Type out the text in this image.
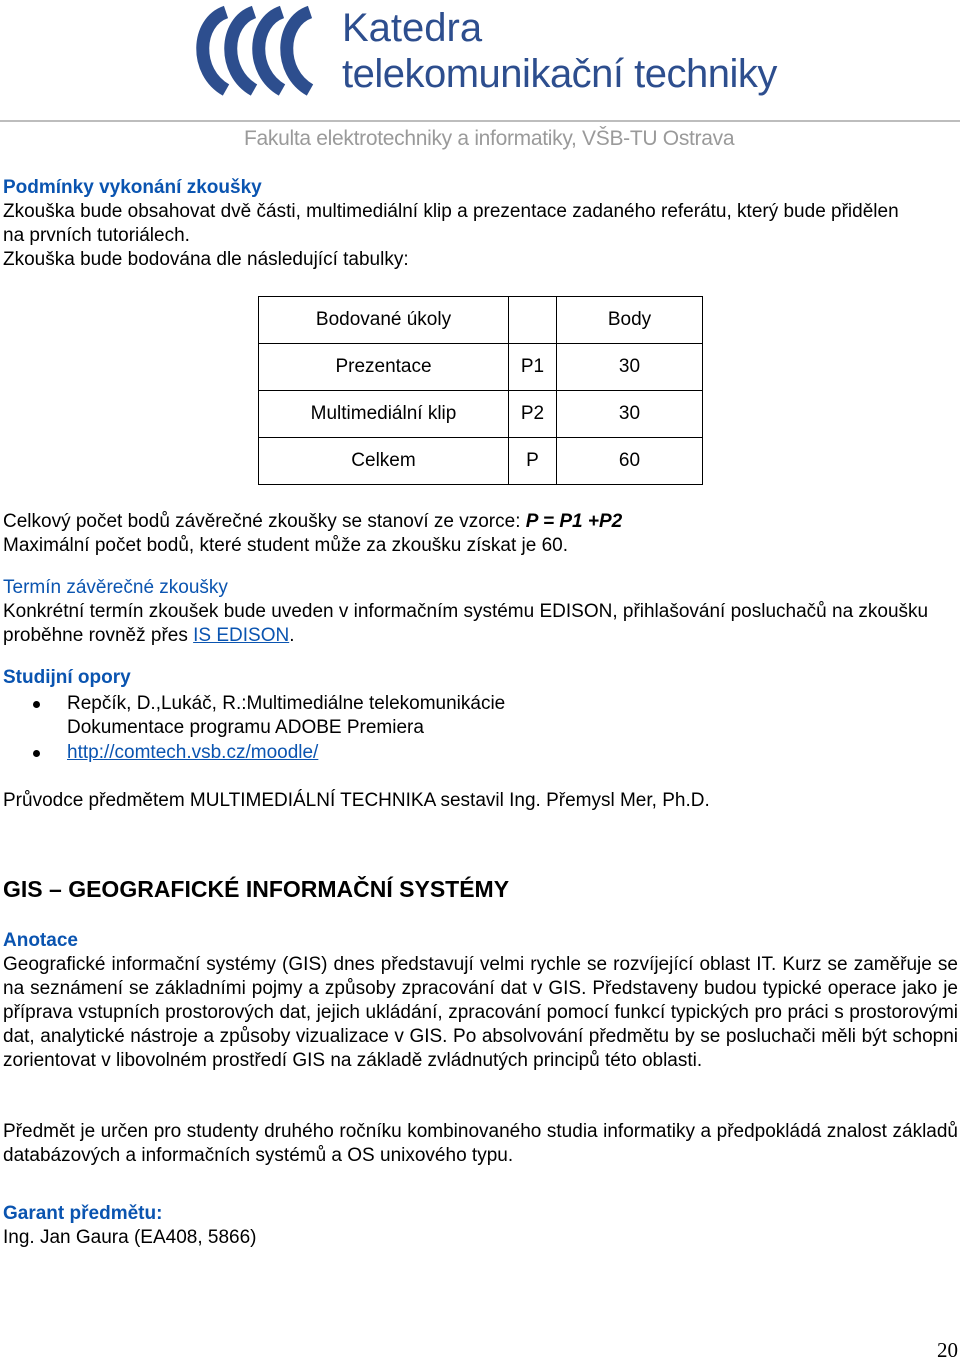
Katedra
telekomunikační techniky
Fakulta elektrotechniky a informatiky, VŠB-TU Ostrava
Podmínky vykonání zkoušky
Zkouška bude obsahovat dvě části, multimediální klip a prezentace zadaného referátu, který bude přidělen na prvních tutoriálech.
Zkouška bude bodována dle následující tabulky:
Bodované úkoly		Body
Prezentace	P1	30
Multimediální klip	P2	30
Celkem	P	60
Celkový počet bodů závěrečné zkoušky se stanoví ze vzorce: P = P1 +P2
Maximální počet bodů, které student může za zkoušku získat je 60.
Termín závěrečné zkoušky
Konkrétní termín zkoušek bude uveden v informačním systému EDISON, přihlašování posluchačů na zkoušku proběhne rovněž přes IS EDISON.
Studijní opory
Repčík, D.,Lukáč, R.:Multimediálne telekomunikácie
Dokumentace programu ADOBE Premiera
http://comtech.vsb.cz/moodle/
Průvodce předmětem MULTIMEDIÁLNÍ TECHNIKA sestavil Ing. Přemysl Mer, Ph.D.
GIS – GEOGRAFICKÉ INFORMAČNÍ SYSTÉMY
Anotace
Geografické informační systémy (GIS) dnes představují velmi rychle se rozvíjející oblast IT. Kurz se zaměřuje se na seznámení se základními pojmy a způsoby zpracování dat v GIS. Představeny budou typické operace jako je příprava vstupních prostorových dat, jejich ukládání, zpracování pomocí funkcí typických pro práci s prostorovými dat, analytické nástroje a způsoby vizualizace v GIS. Po absolvování předmětu by se posluchači měli být schopni zorientovat v libovolném prostředí GIS na základě zvládnutých principů této oblasti.
Předmět je určen pro studenty druhého ročníku kombinovaného studia informatiky a předpokládá znalost základů databázových a informačních systémů a OS unixového typu.
Garant předmětu:
Ing. Jan Gaura (EA408, 5866)
20
